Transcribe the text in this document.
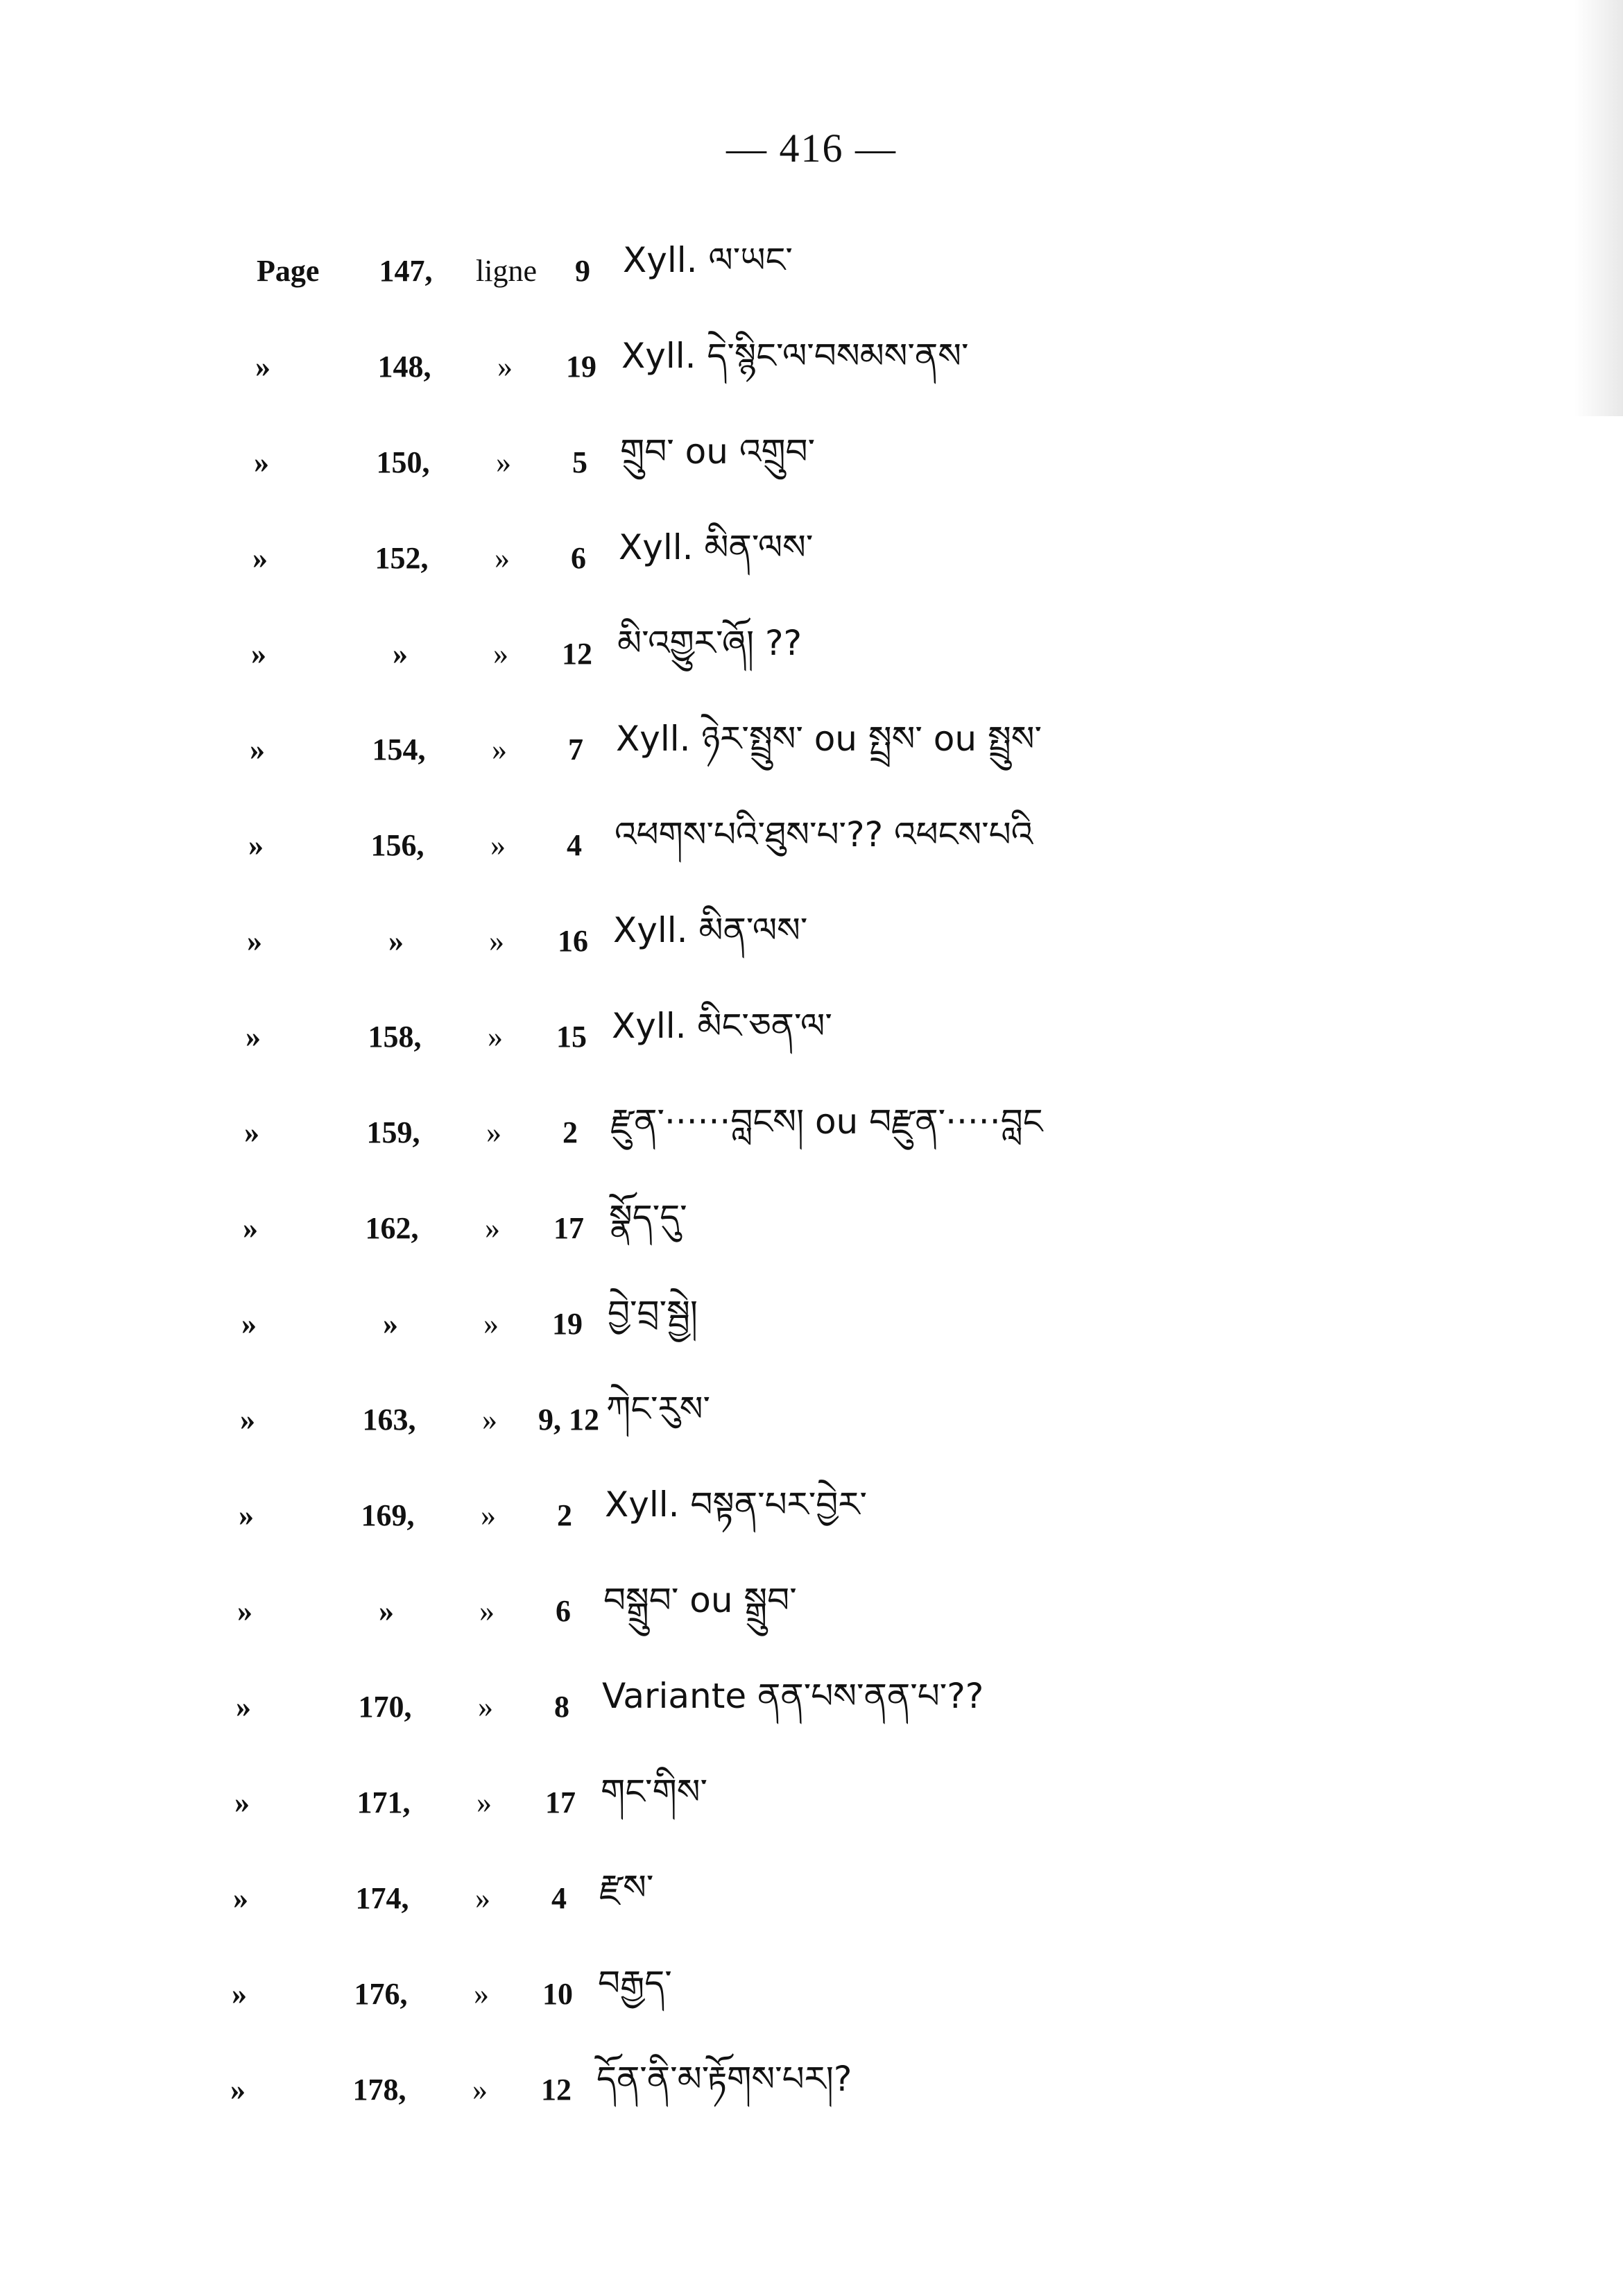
— 416 —
Page	147,	ligne	9 Xyll. ལ་ཡང་
»	148,	»	19 Xyll. དེ་སྙིང་ལ་བསམས་ནས་
»	150,	»	5 གྲུབ་ ou འགྲུབ་
»	152,	»	6 Xyll. མིན་ལས་
»	»	»	12 མི་འགྱུར་ཞོ། ??
»	154,	»	7 Xyll. ཉེར་སྤྲུས་ ou སྤྲས་ ou སྤྲུས་
»	156,	»	4 འཕགས་པའི་ཐུས་པ་?? འཕངས་པའི
»	»	»	16 Xyll. མིན་ལས་
»	158,	»	15 Xyll. མིང་ཅན་ལ་
»	159,	»	2 རྫུན་······བླངས། ou བརྫུན་·····བླང
»	162,	»	17 སྣོད་དུ་
»	»	»	19 བྱེ་བྲ་སྦྱེ།
»	163,	»	9, 12 ཀེང་རུས་
»	169,	»	2 Xyll. བསྟན་པར་བྱེར་
»	»	»	6 བསྒྲུབ་ ou སྒྲུབ་
»	170,	»	8 Variante ནན་པས་ནན་པ་??
»	171,	»	17 གང་གིས་
»	174,	»	4 རྫས་
»	176,	»	10 བརྒྱད་
»	178,	»	12 དོན་ནི་མ་རྟོགས་པར།?
